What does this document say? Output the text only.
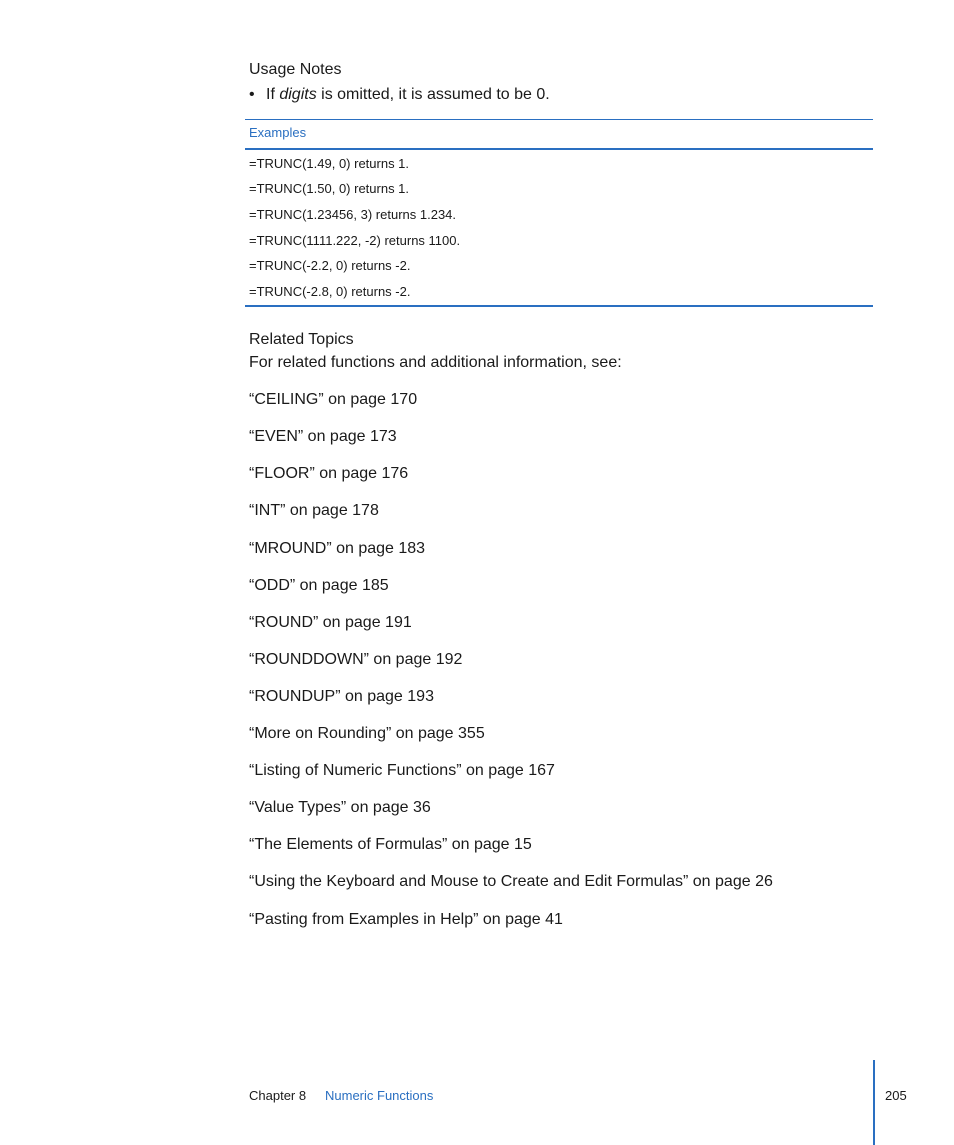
Usage Notes
• If digits is omitted, it is assumed to be 0.
Examples
=TRUNC(1.49, 0) returns 1.
=TRUNC(1.50, 0) returns 1.
=TRUNC(1.23456, 3) returns 1.234.
=TRUNC(1111.222, -2) returns 1100.
=TRUNC(-2.2, 0) returns -2.
=TRUNC(-2.8, 0) returns -2.
Related Topics
For related functions and additional information, see:
“CEILING” on page 170
“EVEN” on page 173
“FLOOR” on page 176
“INT” on page 178
“MROUND” on page 183
“ODD” on page 185
“ROUND” on page 191
“ROUNDDOWN” on page 192
“ROUNDUP” on page 193
“More on Rounding” on page 355
“Listing of Numeric Functions” on page 167
“Value Types” on page 36
“The Elements of Formulas” on page 15
“Using the Keyboard and Mouse to Create and Edit Formulas” on page 26
“Pasting from Examples in Help” on page 41
Chapter 8 Numeric Functions	205
